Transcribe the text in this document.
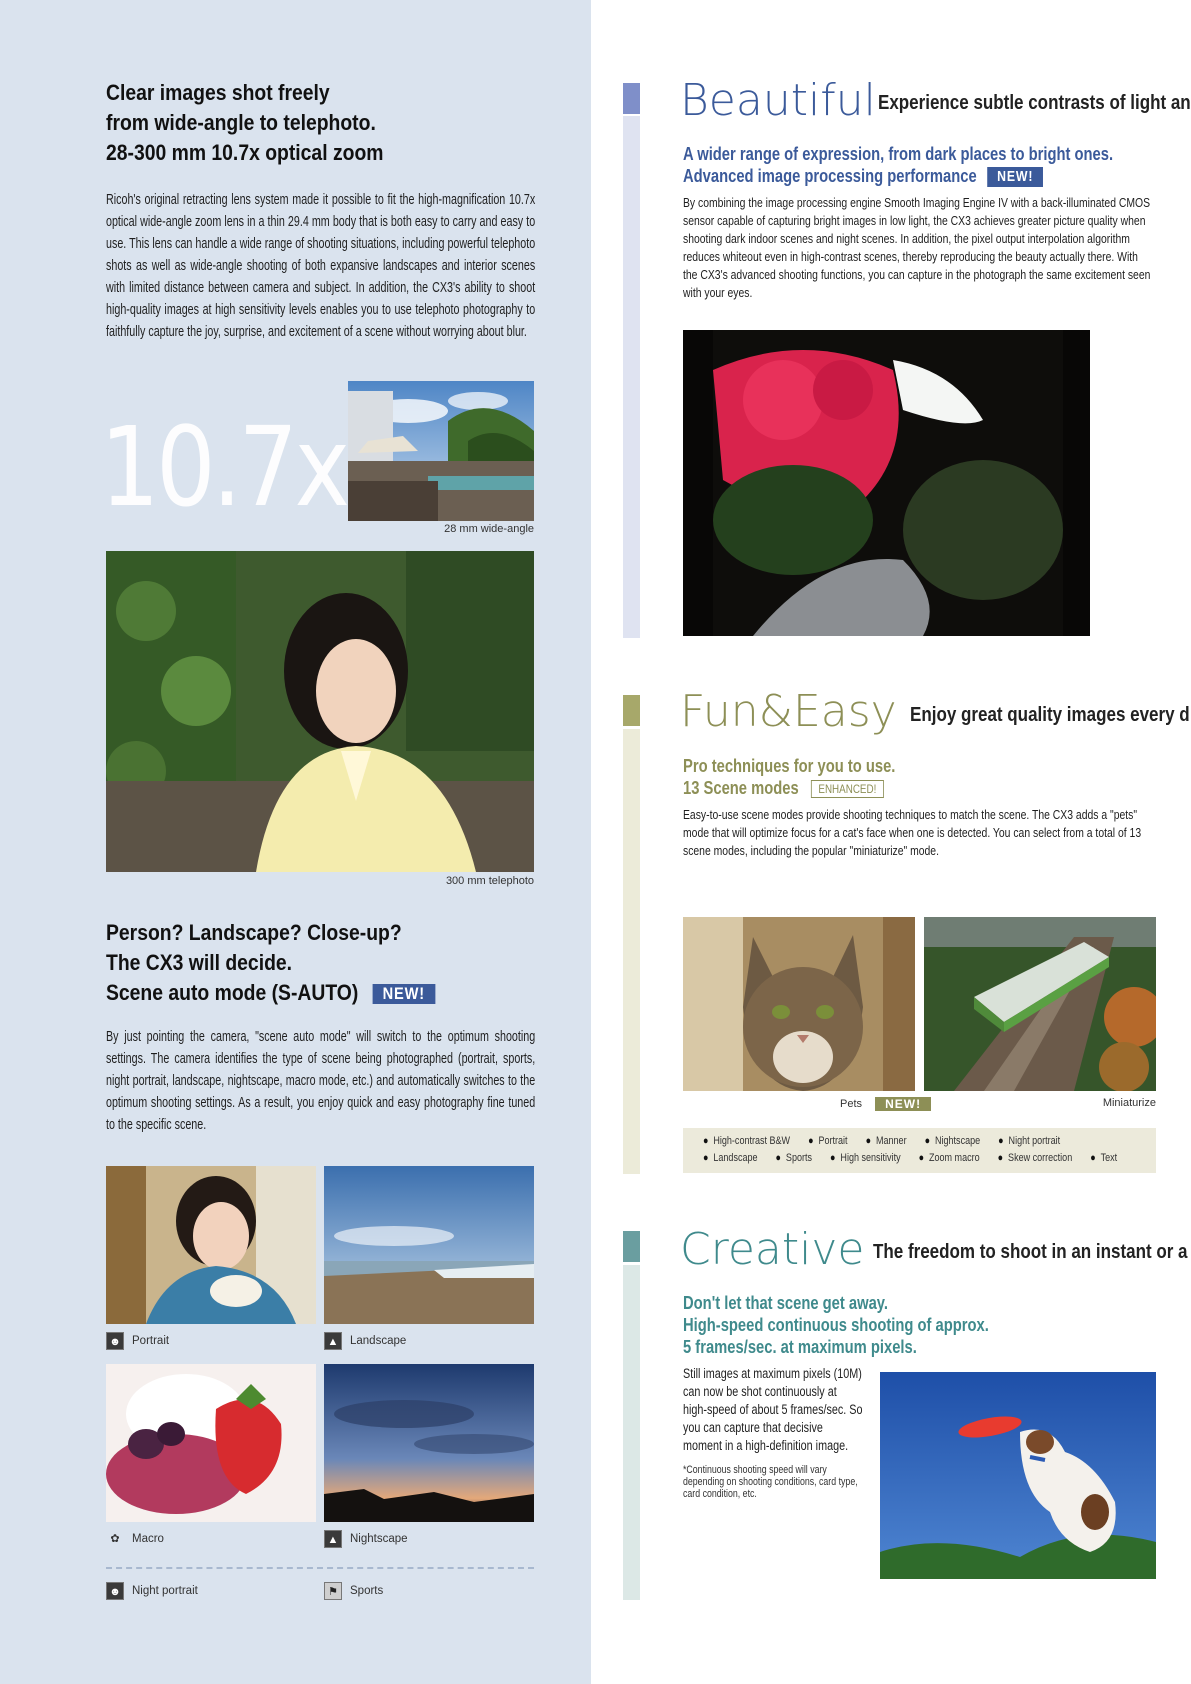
Clear images shot freely
from wide-angle to telephoto.
28-300 mm 10.7x optical zoom
Ricoh's original retracting lens system made it possible to fit the high-magnification 10.7x optical wide-angle zoom lens in a thin 29.4 mm body that is both easy to carry and easy to use. This lens can handle a wide range of shooting situations, including powerful telephoto shots as well as wide-angle shooting of both expansive landscapes and interior scenes with limited distance between camera and subject. In addition, the CX3's ability to shoot high-quality images at high sensitivity levels enables you to use telephoto photography to faithfully capture the joy, surprise, and excitement of a scene without worrying about blur.
10.7x	28 mm wide-angle
300 mm telephoto
Person? Landscape? Close-up?
The CX3 will decide.
Scene auto mode (S-AUTO) NEW!
By just pointing the camera, "scene auto mode" will switch to the optimum shooting settings. The camera identifies the type of scene being photographed (portrait, sports, night portrait, landscape, nightscape, macro mode, etc.) and automatically switches to the optimum shooting settings. As a result, you enjoy quick and easy photography fine tuned to the specific scene.
☻ Portrait	▲	Landscape
✿	Macro	▲	Nightscape
☻ Night portrait	⚑	Sports
Beautiful Experience subtle contrasts of light an
A wider range of expression, from dark places to bright ones.
Advanced image processing performance NEW!
By combining the image processing engine Smooth Imaging Engine IV with a back-illuminated CMOS sensor capable of capturing bright images in low light, the CX3 achieves greater picture quality when shooting dark indoor scenes and night scenes. In addition, the pixel output interpolation algorithm reduces whiteout even in high-contrast scenes, thereby reproducing the beauty actually there. With the CX3's advanced shooting functions, you can capture in the photograph the same excitement seen with your eyes.
Fun&Easy Enjoy great quality images every d
Pro techniques for you to use.
13 Scene modes ENHANCED!
Easy-to-use scene modes provide shooting techniques to match the scene. The CX3 adds a "pets" mode that will optimize focus for a cat's face when one is detected. You can select from a total of 13 scene modes, including the popular "miniaturize" mode.
Pets NEW!	Miniaturize
● High-contrast B&W	● Portrait	● Manner	● Nightscape	● Night portrait
● Landscape	● Sports	● High sensitivity	● Zoom macro	● Skew correction	● Text
Creative The freedom to shoot in an instant or a
Don't let that scene get away.
High-speed continuous shooting of approx.
5 frames/sec. at maximum pixels.
Still images at maximum pixels (10M) can now be shot continuously at high-speed of about 5 frames/sec. So you can capture that decisive moment in a high-definition image.
*Continuous shooting speed will vary depending on shooting conditions, card type, card condition, etc.
